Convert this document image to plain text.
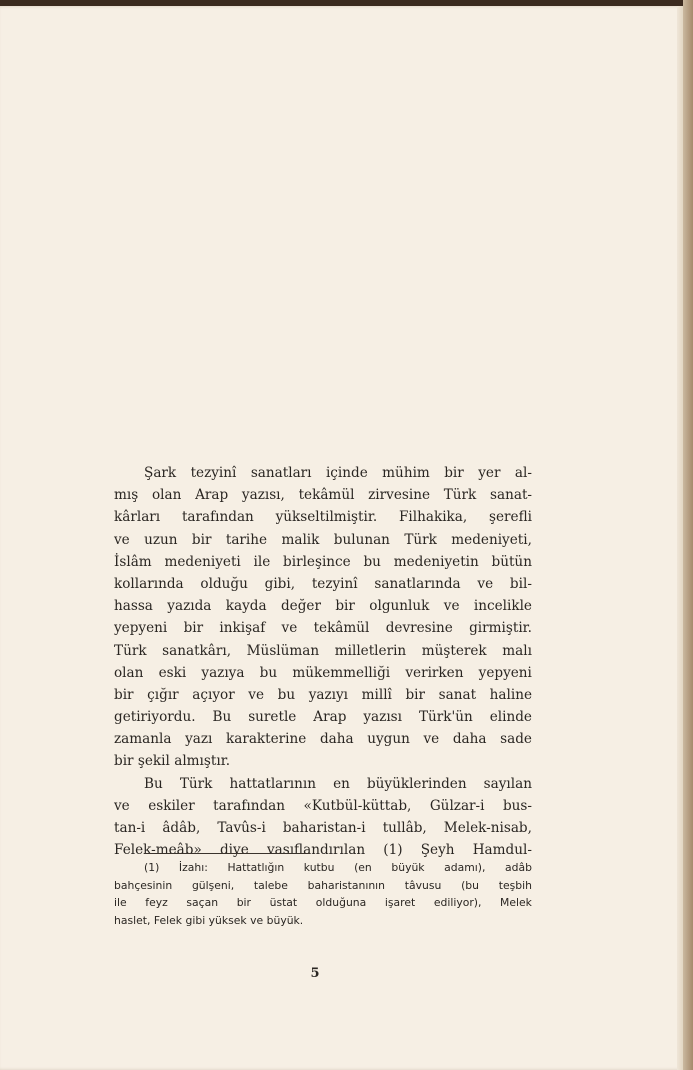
Şark tezyinî sanatları içinde mühim bir yer al-
mış olan Arap yazısı, tekâmül zirvesine Türk sanat-
kârları tarafından yükseltilmiştir. Filhakika, şerefli
ve uzun bir tarihe malik bulunan Türk medeniyeti,
İslâm medeniyeti ile birleşince bu medeniyetin bütün
kollarında olduğu gibi, tezyinî sanatlarında ve bil-
hassa yazıda kayda değer bir olgunluk ve incelikle
yepyeni bir inkişaf ve tekâmül devresine girmiştir.
Türk sanatkârı, Müslüman milletlerin müşterek malı
olan eski yazıya bu mükemmelliği verirken yepyeni
bir çığır açıyor ve bu yazıyı millî bir sanat haline
getiriyordu. Bu suretle Arap yazısı Türk'ün elinde
zamanla yazı karakterine daha uygun ve daha sade
bir şekil almıştır.
Bu Türk hattatlarının en büyüklerinden sayılan
ve eskiler tarafından «Kutbül-küttab, Gülzar-i bus-
tan-i âdâb, Tavûs-i baharistan-i tullâb, Melek-nisab,
Felek-meâb» diye vasıflandırılan (1) Şeyh Hamdul-
(1) İzahı: Hattatlığın kutbu (en büyük adamı), adâb
bahçesinin gülşeni, talebe baharistanının tâvusu (bu teşbih
ile feyz saçan bir üstat olduğuna işaret ediliyor), Melek
haslet, Felek gibi yüksek ve büyük.
5
